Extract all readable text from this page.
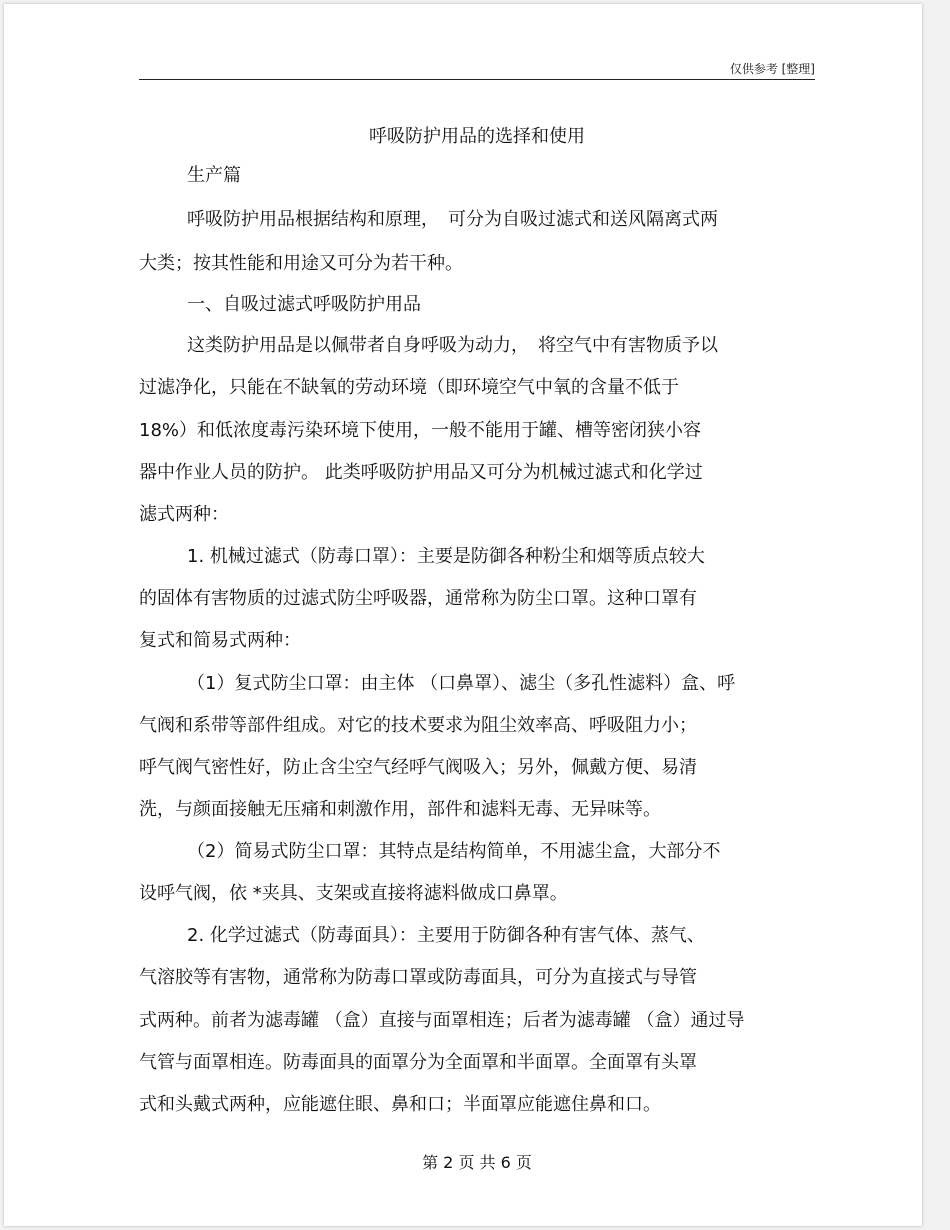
仅供参考 [整理]
呼吸防护用品的选择和使用
生产篇
呼吸防护用品根据结构和原理，　可分为自吸过滤式和送风隔离式两
大类；按其性能和用途又可分为若干种。
一、自吸过滤式呼吸防护用品
这类防护用品是以佩带者自身呼吸为动力，　将空气中有害物质予以
过滤净化，只能在不缺氧的劳动环境（即环境空气中氧的含量不低于
18%）和低浓度毒污染环境下使用，一般不能用于罐、槽等密闭狭小容
器中作业人员的防护。 此类呼吸防护用品又可分为机械过滤式和化学过
滤式两种：
1. 机械过滤式（防毒口罩）：主要是防御各种粉尘和烟等质点较大
的固体有害物质的过滤式防尘呼吸器，通常称为防尘口罩。这种口罩有
复式和简易式两种：
（1）复式防尘口罩：由主体 （口鼻罩）、滤尘（多孔性滤料）盒、呼
气阀和系带等部件组成。对它的技术要求为阻尘效率高、呼吸阻力小；
呼气阀气密性好，防止含尘空气经呼气阀吸入；另外，佩戴方便、易清
洗，与颜面接触无压痛和刺激作用，部件和滤料无毒、无异味等。
（2）简易式防尘口罩：其特点是结构简单，不用滤尘盒，大部分不
设呼气阀，依 *夹具、支架或直接将滤料做成口鼻罩。
2. 化学过滤式（防毒面具）：主要用于防御各种有害气体、蒸气、
气溶胶等有害物，通常称为防毒口罩或防毒面具，可分为直接式与导管
式两种。前者为滤毒罐 （盒）直接与面罩相连；后者为滤毒罐 （盒）通过导
气管与面罩相连。防毒面具的面罩分为全面罩和半面罩。全面罩有头罩
式和头戴式两种，应能遮住眼、鼻和口；半面罩应能遮住鼻和口。
第 2 页 共 6 页
